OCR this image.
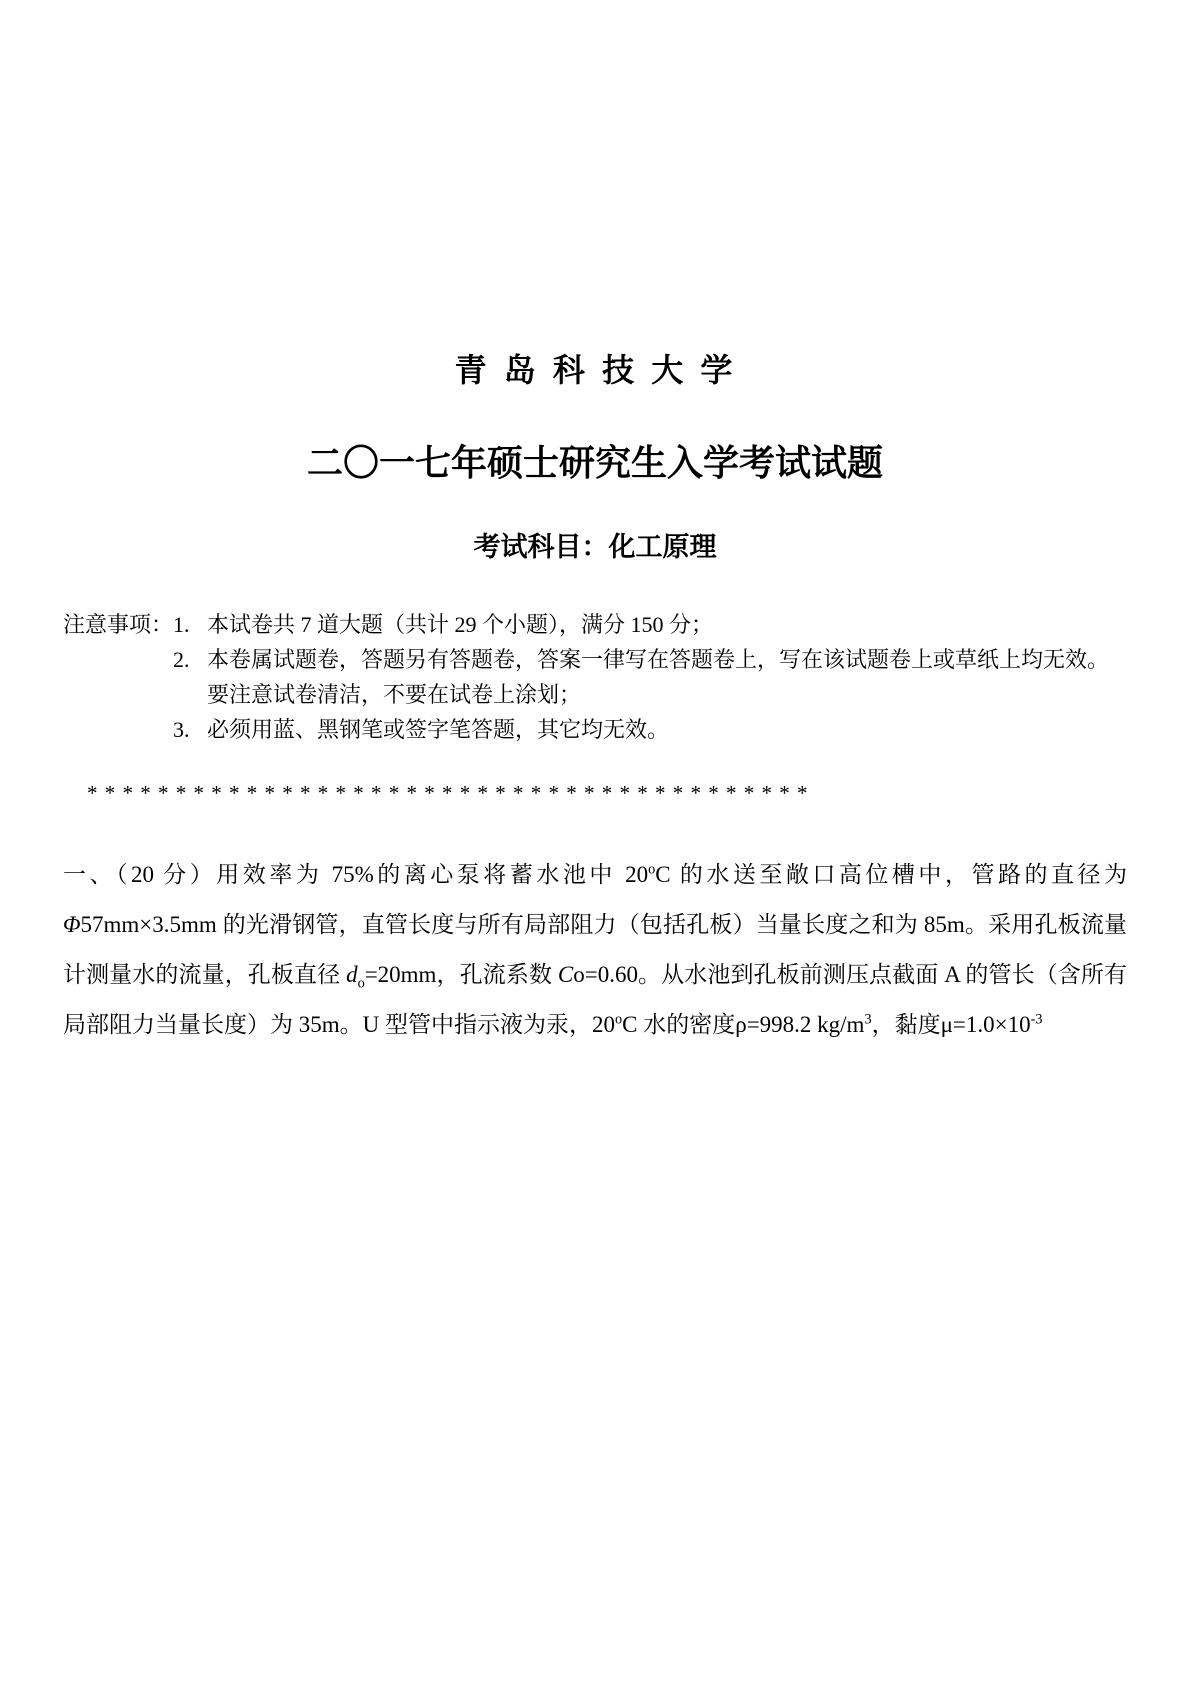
青 岛 科 技 大 学
二〇一七年硕士研究生入学考试试题
考试科目：化工原理
注意事项： 1. 本试卷共 7 道大题（共计 29 个小题），满分 150 分；
2. 本卷属试题卷，答题另有答题卷，答案一律写在答题卷上，写在该试题卷上或草纸上均无效。要注意试卷清洁，不要在试卷上涂划；
3. 必须用蓝、黑钢笔或签字笔答题，其它均无效。
* * * * * * * * * * * * * * * * * * * * * * * * * * * * * * * * * * * * * * * * *

一、（20 分）用效率为 75%的离心泵将蓄水池中 20$^o$C 的水送至敞口高位槽中，管路的直径为Φ57mm×3.5mm 的光滑钢管，直管长度与所有局部阻力（包括孔板）当量长度之和为 85m。采用孔板流量计测量水的流量，孔板直径 $d_o=20mm$，孔流系数 Co=0.60。从水池到孔板前测压点截面 A 的管长（含所有局部阻力当量长度）为 35m。U 型管中指示液为汞，20$^o$C 水的密度ρ=998.2 $kg/m^3$，黏度$\mu=1.0\times 10^{-3}$
